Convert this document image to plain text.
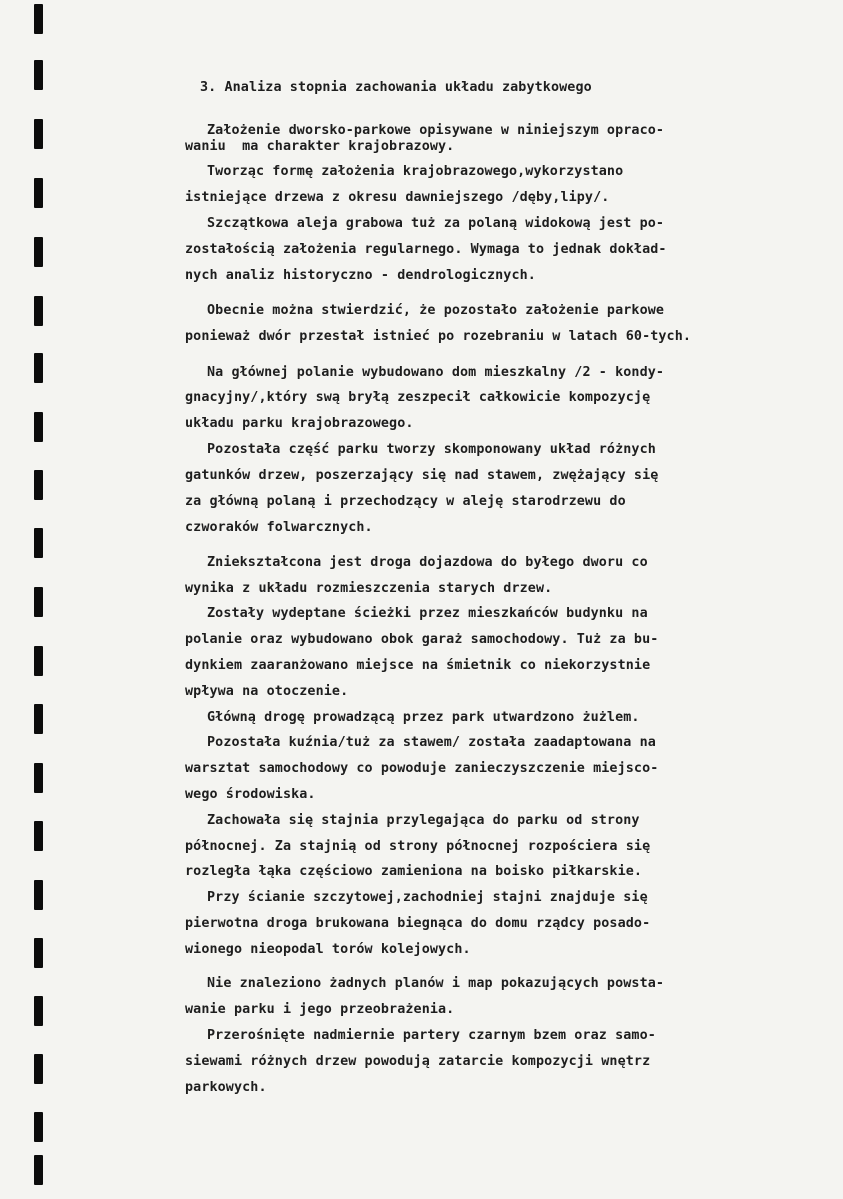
3. Analiza stopnia zachowania układu zabytkowego
Założenie dworsko-parkowe opisywane w niniejszym opraco-
waniu  ma charakter krajobrazowy.
Tworząc formę założenia krajobrazowego,wykorzystano
istniejące drzewa z okresu dawniejszego /dęby,lipy/.
Szczątkowa aleja grabowa tuż za polaną widokową jest po-
zostałością założenia regularnego. Wymaga to jednak dokład-
nych analiz historyczno - dendrologicznych.
Obecnie można stwierdzić, że pozostało założenie parkowe
ponieważ dwór przestał istnieć po rozebraniu w latach 60-tych.
Na głównej polanie wybudowano dom mieszkalny /2 - kondy-
gnacyjny/,który swą bryłą zeszpecił całkowicie kompozycję
układu parku krajobrazowego.
Pozostała część parku tworzy skomponowany układ różnych
gatunków drzew, poszerzający się nad stawem, zwężający się
za główną polaną i przechodzący w aleję starodrzewu do
czworaków folwarcznych.
Zniekształcona jest droga dojazdowa do byłego dworu co
wynika z układu rozmieszczenia starych drzew.
Zostały wydeptane ścieżki przez mieszkańców budynku na
polanie oraz wybudowano obok garaż samochodowy. Tuż za bu-
dynkiem zaaranżowano miejsce na śmietnik co niekorzystnie
wpływa na otoczenie.
Główną drogę prowadzącą przez park utwardzono żużlem.
Pozostała kuźnia/tuż za stawem/ została zaadaptowana na
warsztat samochodowy co powoduje zanieczyszczenie miejsco-
wego środowiska.
Zachowała się stajnia przylegająca do parku od strony
północnej. Za stajnią od strony północnej rozpościera się
rozległa łąka częściowo zamieniona na boisko piłkarskie.
Przy ścianie szczytowej,zachodniej stajni znajduje się
pierwotna droga brukowana biegnąca do domu rządcy posado-
wionego nieopodal torów kolejowych.
Nie znaleziono żadnych planów i map pokazujących powsta-
wanie parku i jego przeobrażenia.
Przerośnięte nadmiernie partery czarnym bzem oraz samo-
siewami różnych drzew powodują zatarcie kompozycji wnętrz
parkowych.
